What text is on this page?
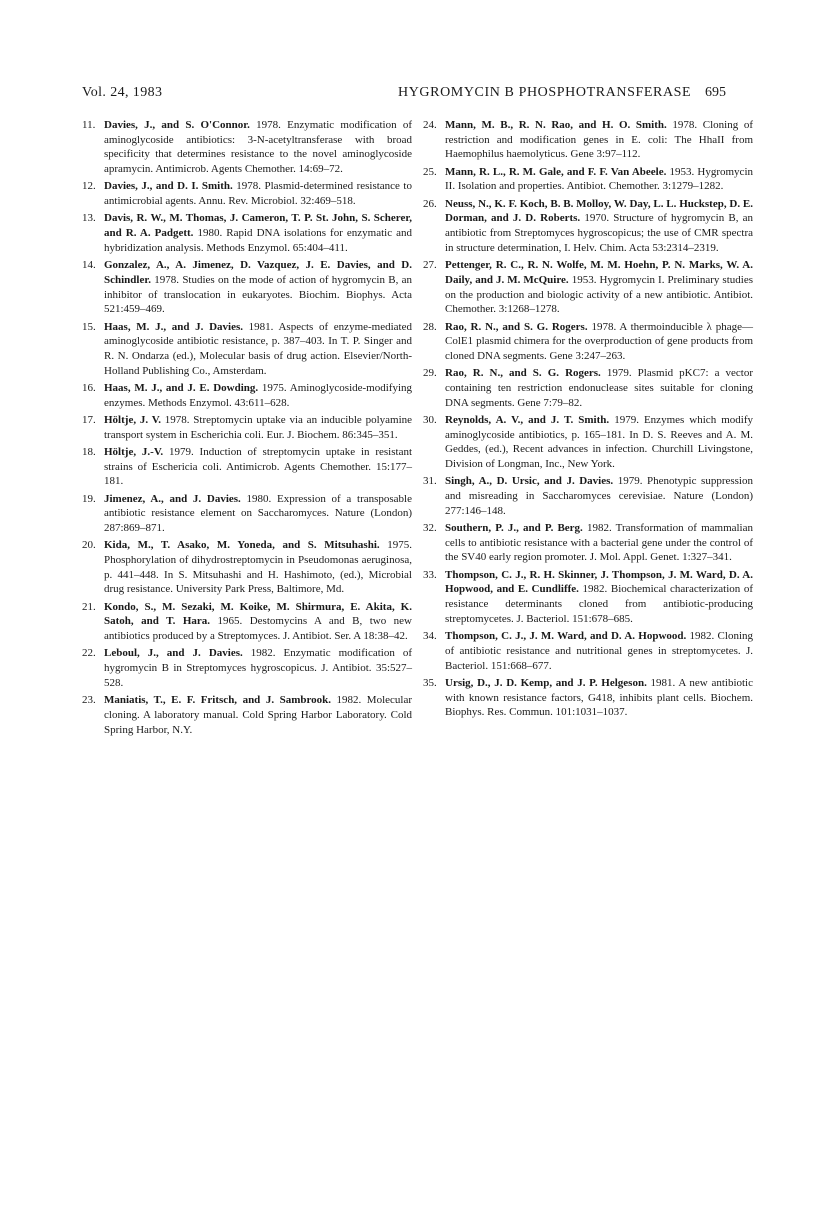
Vol. 24, 1983	HYGROMYCIN B PHOSPHOTRANSFERASE 695

11. Davies, J., and S. O'Connor. 1978. Enzymatic modification of aminoglycoside antibiotics: 3-N-acetyltransferase with broad specificity that determines resistance to the novel aminoglycoside apramycin. Antimicrob. Agents Chemother. 14:69–72.

12. Davies, J., and D. I. Smith. 1978. Plasmid-determined resistance to antimicrobial agents. Annu. Rev. Microbiol. 32:469–518.

13. Davis, R. W., M. Thomas, J. Cameron, T. P. St. John, S. Scherer, and R. A. Padgett. 1980. Rapid DNA isolations for enzymatic and hybridization analysis. Methods Enzymol. 65:404–411.

14. Gonzalez, A., A. Jimenez, D. Vazquez, J. E. Davies, and D. Schindler. 1978. Studies on the mode of action of hygromycin B, an inhibitor of translocation in eukaryotes. Biochim. Biophys. Acta 521:459–469.

15. Haas, M. J., and J. Davies. 1981. Aspects of enzyme-mediated aminoglycoside antibiotic resistance, p. 387–403. In T. P. Singer and R. N. Ondarza (ed.), Molecular basis of drug action. Elsevier/North-Holland Publishing Co., Amsterdam.

16. Haas, M. J., and J. E. Dowding. 1975. Aminoglycoside-modifying enzymes. Methods Enzymol. 43:611–628.

17. Höltje, J. V. 1978. Streptomycin uptake via an inducible polyamine transport system in Escherichia coli. Eur. J. Biochem. 86:345–351.

18. Höltje, J.-V. 1979. Induction of streptomycin uptake in resistant strains of Eschericia coli. Antimicrob. Agents Chemother. 15:177–181.

19. Jimenez, A., and J. Davies. 1980. Expression of a transposable antibiotic resistance element on Saccharomyces. Nature (London) 287:869–871.

20. Kida, M., T. Asako, M. Yoneda, and S. Mitsuhashi. 1975. Phosphorylation of dihydrostreptomycin in Pseudomonas aeruginosa, p. 441–448. In S. Mitsuhashi and H. Hashimoto, (ed.), Microbial drug resistance. University Park Press, Baltimore, Md.

21. Kondo, S., M. Sezaki, M. Koike, M. Shirmura, E. Akita, K. Satoh, and T. Hara. 1965. Destomycins A and B, two new antibiotics produced by a Streptomyces. J. Antibiot. Ser. A 18:38–42.

22. Leboul, J., and J. Davies. 1982. Enzymatic modification of hygromycin B in Streptomyces hygroscopicus. J. Antibiot. 35:527–528.

23. Maniatis, T., E. F. Fritsch, and J. Sambrook. 1982. Molecular cloning. A laboratory manual. Cold Spring Harbor Laboratory. Cold Spring Harbor, N.Y.

24. Mann, M. B., R. N. Rao, and H. O. Smith. 1978. Cloning of restriction and modification genes in E. coli: The HhaII from Haemophilus haemolyticus. Gene 3:97–112.

25. Mann, R. L., R. M. Gale, and F. F. Van Abeele. 1953. Hygromycin II. Isolation and properties. Antibiot. Chemother. 3:1279–1282.

26. Neuss, N., K. F. Koch, B. B. Molloy, W. Day, L. L. Huckstep, D. E. Dorman, and J. D. Roberts. 1970. Structure of hygromycin B, an antibiotic from Streptomyces hygroscopicus; the use of CMR spectra in structure determination, I. Helv. Chim. Acta 53:2314–2319.

27. Pettenger, R. C., R. N. Wolfe, M. M. Hoehn, P. N. Marks, W. A. Daily, and J. M. McQuire. 1953. Hygromycin I. Preliminary studies on the production and biologic activity of a new antibiotic. Antibiot. Chemother. 3:1268–1278.

28. Rao, R. N., and S. G. Rogers. 1978. A thermoinducible λ phage—ColE1 plasmid chimera for the overproduction of gene products from cloned DNA segments. Gene 3:247–263.

29. Rao, R. N., and S. G. Rogers. 1979. Plasmid pKC7: a vector containing ten restriction endonuclease sites suitable for cloning DNA segments. Gene 7:79–82.

30. Reynolds, A. V., and J. T. Smith. 1979. Enzymes which modify aminoglycoside antibiotics, p. 165–181. In D. S. Reeves and A. M. Geddes, (ed.), Recent advances in infection. Churchill Livingstone, Division of Longman, Inc., New York.

31. Singh, A., D. Ursic, and J. Davies. 1979. Phenotypic suppression and misreading in Saccharomyces cerevisiae. Nature (London) 277:146–148.

32. Southern, P. J., and P. Berg. 1982. Transformation of mammalian cells to antibiotic resistance with a bacterial gene under the control of the SV40 early region promoter. J. Mol. Appl. Genet. 1:327–341.

33. Thompson, C. J., R. H. Skinner, J. Thompson, J. M. Ward, D. A. Hopwood, and E. Cundliffe. 1982. Biochemical characterization of resistance determinants cloned from antibiotic-producing streptomycetes. J. Bacteriol. 151:678–685.

34. Thompson, C. J., J. M. Ward, and D. A. Hopwood. 1982. Cloning of antibiotic resistance and nutritional genes in streptomycetes. J. Bacteriol. 151:668–677.

35. Ursig, D., J. D. Kemp, and J. P. Helgeson. 1981. A new antibiotic with known resistance factors, G418, inhibits plant cells. Biochem. Biophys. Res. Commun. 101:1031–1037.
